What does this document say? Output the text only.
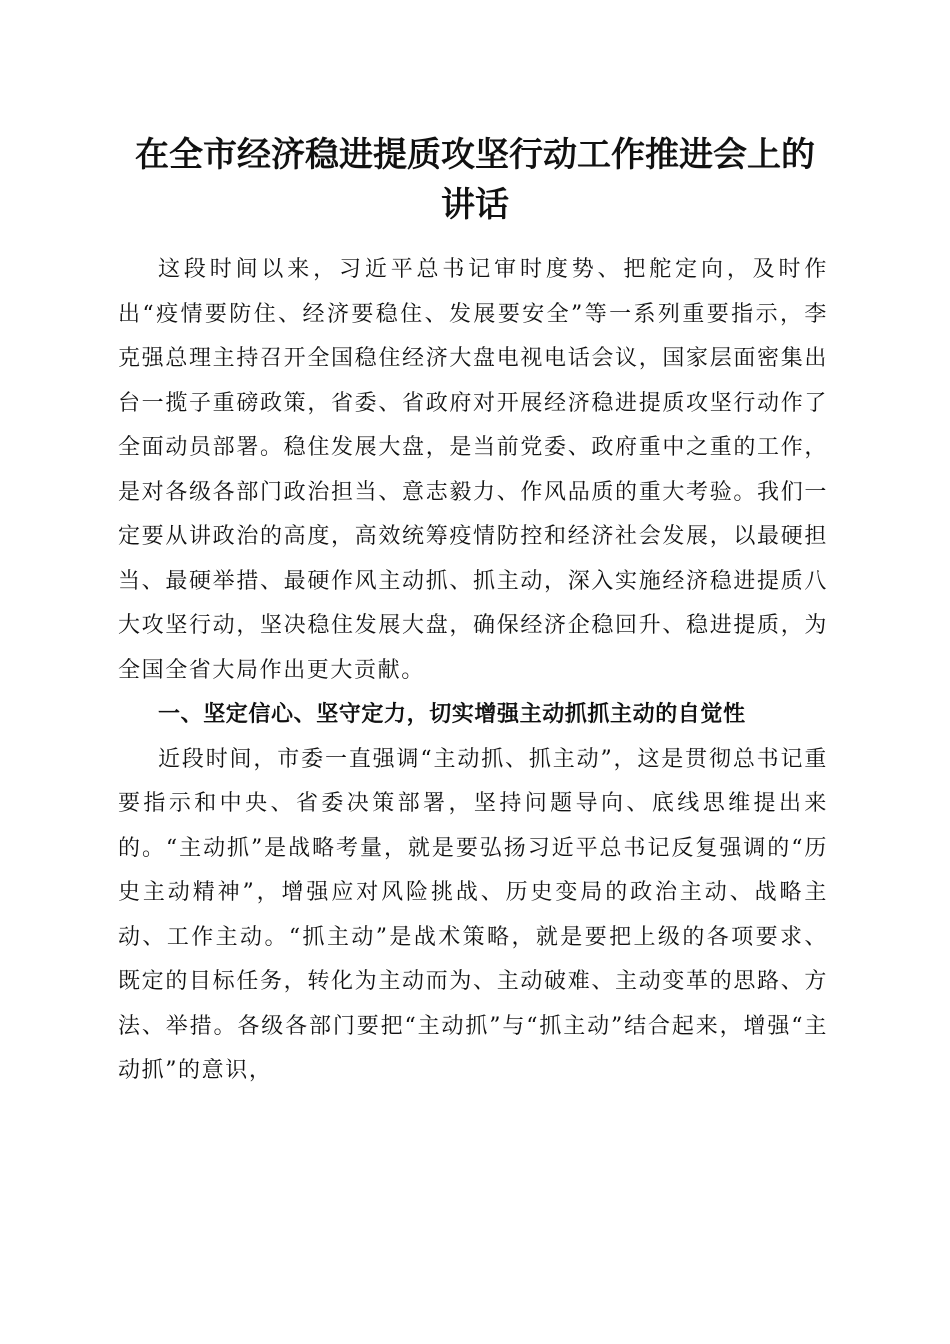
在全市经济稳进提质攻坚行动工作推进会上的
讲话

这段时间以来，习近平总书记审时度势、把舵定向，及时作出“疫情要防住、经济要稳住、发展要安全”等一系列重要指示，李克强总理主持召开全国稳住经济大盘电视电话会议，国家层面密集出台一揽子重磅政策，省委、省政府对开展经济稳进提质攻坚行动作了全面动员部署。稳住发展大盘，是当前党委、政府重中之重的工作，是对各级各部门政治担当、意志毅力、作风品质的重大考验。我们一定要从讲政治的高度，高效统筹疫情防控和经济社会发展，以最硬担当、最硬举措、最硬作风主动抓、抓主动，深入实施经济稳进提质八大攻坚行动，坚决稳住发展大盘，确保经济企稳回升、稳进提质，为全国全省大局作出更大贡献。

一、坚定信心、坚守定力，切实增强主动抓抓主动的自觉性

近段时间，市委一直强调“主动抓、抓主动”，这是贯彻总书记重要指示和中央、省委决策部署，坚持问题导向、底线思维提出来的。“主动抓”是战略考量，就是要弘扬习近平总书记反复强调的“历史主动精神”，增强应对风险挑战、历史变局的政治主动、战略主动、工作主动。“抓主动”是战术策略，就是要把上级的各项要求、既定的目标任务，转化为主动而为、主动破难、主动变革的思路、方法、举措。各级各部门要把“主动抓”与“抓主动”结合起来，增强“主动抓”的意识，
